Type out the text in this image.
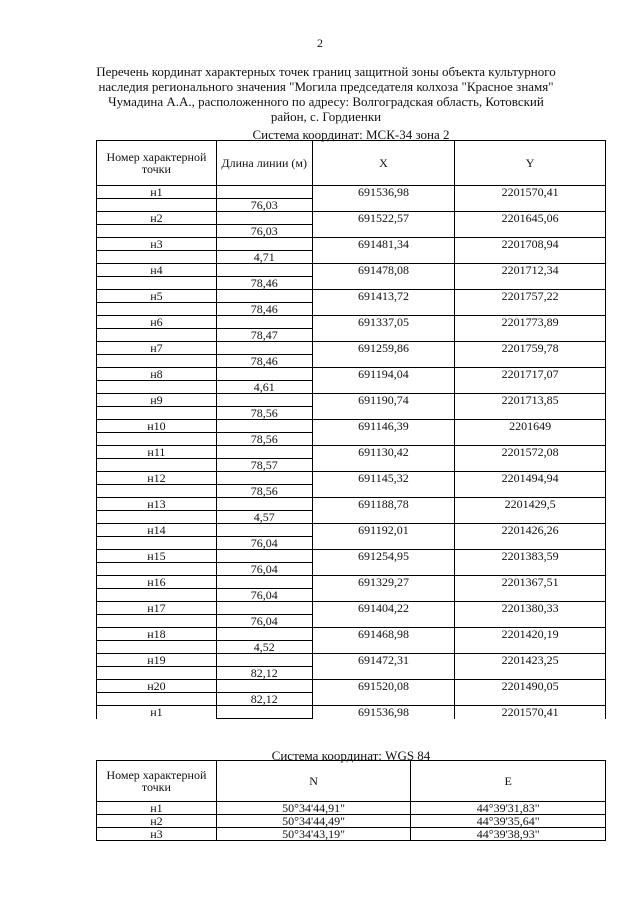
2
Перечень кординат характерных точек границ защитной зоны объекта культурного наследия регионального значения "Могила председателя колхоза "Красное знамя" Чумадина А.А., расположенного по адресу: Волгоградская область, Котовский район, с. Гордиенки
Система координат: МСК-34 зона 2
Номер характерной точки	Длина линии (м)	X	Y
н1		691536,98	2201570,41
	76,03		
н2		691522,57	2201645,06
	76,03		
н3		691481,34	2201708,94
	4,71		
н4		691478,08	2201712,34
	78,46		
н5		691413,72	2201757,22
	78,46		
н6		691337,05	2201773,89
	78,47		
н7		691259,86	2201759,78
	78,46		
н8		691194,04	2201717,07
	4,61		
н9		691190,74	2201713,85
	78,56		
н10		691146,39	2201649
	78,56		
н11		691130,42	2201572,08
	78,57		
н12		691145,32	2201494,94
	78,56		
н13		691188,78	2201429,5
	4,57		
н14		691192,01	2201426,26
	76,04		
н15		691254,95	2201383,59
	76,04		
н16		691329,27	2201367,51
	76,04		
н17		691404,22	2201380,33
	76,04		
н18		691468,98	2201420,19
	4,52		
н19		691472,31	2201423,25
	82,12		
н20		691520,08	2201490,05
	82,12		
н1		691536,98	2201570,41
Система координат: WGS 84
Номер характерной точки	N	E
н1	50°34'44,91"	44°39'31,83"
н2	50°34'44,49"	44°39'35,64"
н3	50°34'43,19"	44°39'38,93"
